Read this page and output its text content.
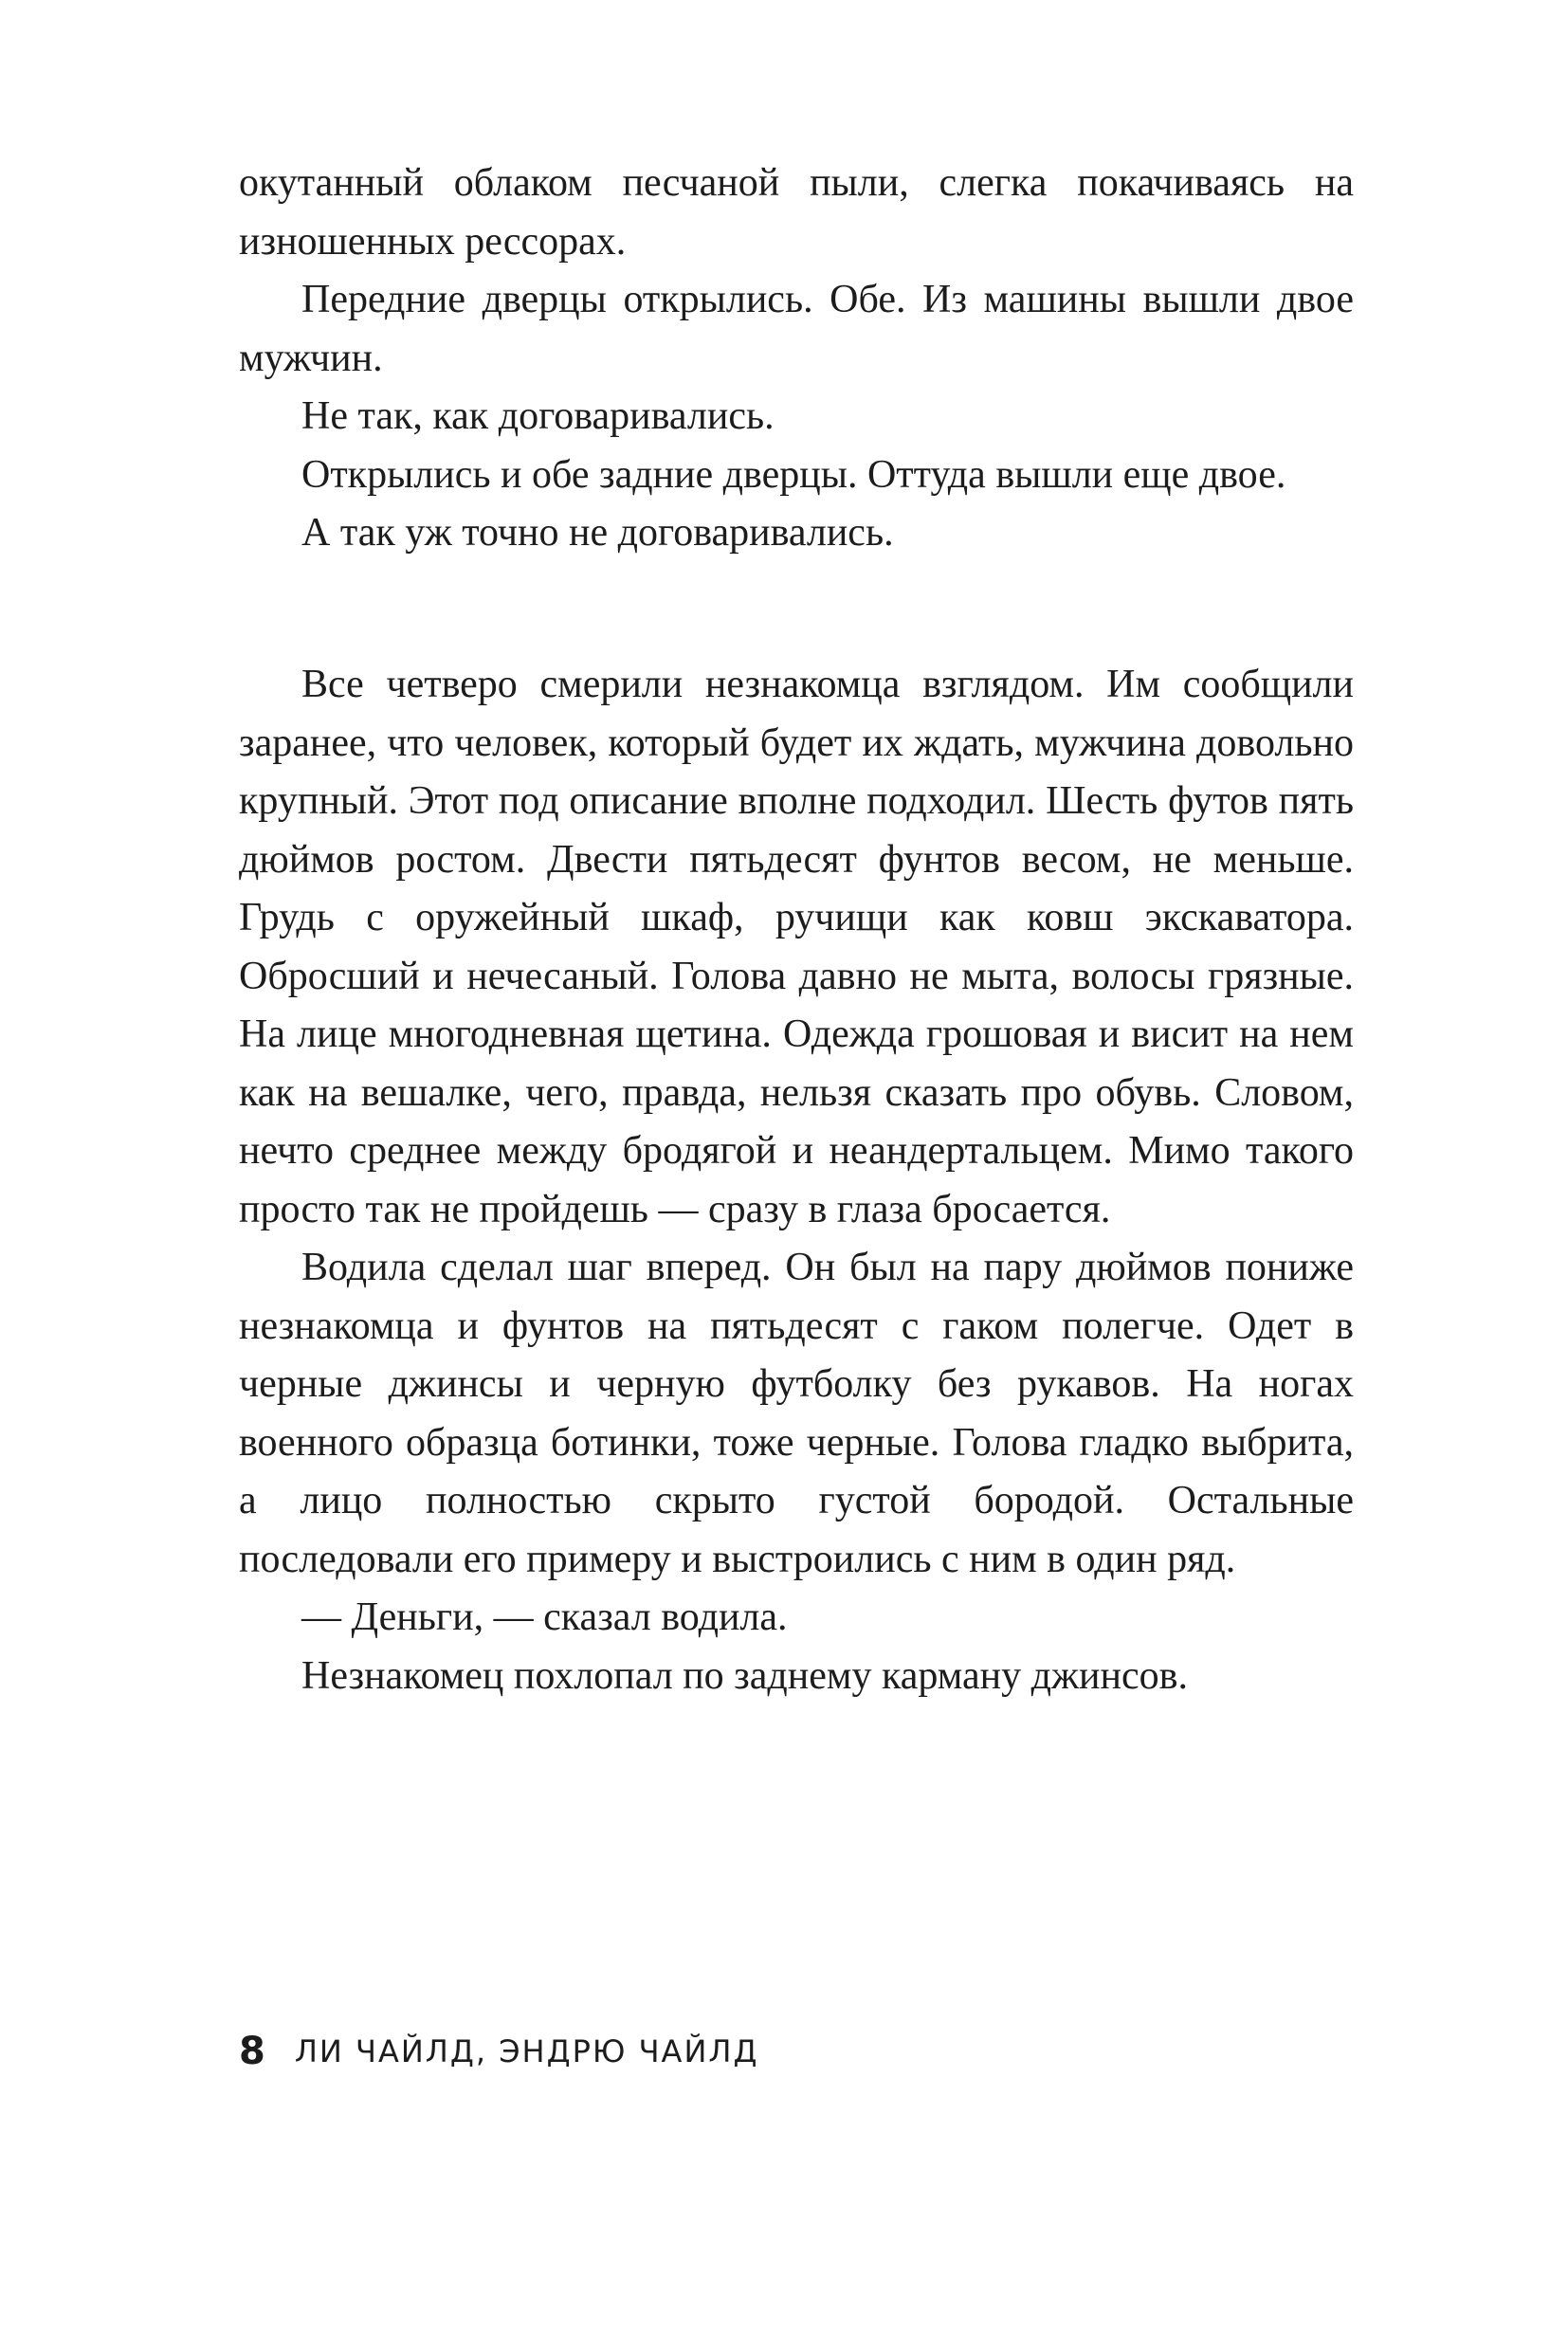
окутанный облаком песчаной пыли, слегка покачиваясь на изношенных рессорах.

Передние дверцы открылись. Обе. Из машины вышли двое мужчин.

Не так, как договаривались.

Открылись и обе задние дверцы. Оттуда вышли еще двое.

А так уж точно не договаривались.

Все четверо смерили незнакомца взглядом. Им сообщили заранее, что человек, который будет их ждать, мужчина довольно крупный. Этот под описание вполне подходил. Шесть футов пять дюймов ростом. Двести пятьдесят фунтов весом, не меньше. Грудь с оружейный шкаф, ручищи как ковш экскаватора. Обросший и нечесаный. Голова давно не мыта, волосы грязные. На лице многодневная щетина. Одежда грошовая и висит на нем как на вешалке, чего, правда, нельзя сказать про обувь. Словом, нечто среднее между бродягой и неандертальцем. Мимо такого просто так не пройдешь — сразу в глаза бросается.

Водила сделал шаг вперед. Он был на пару дюймов пониже незнакомца и фунтов на пятьдесят с гаком полегче. Одет в черные джинсы и черную футболку без рукавов. На ногах военного образца ботинки, тоже черные. Голова гладко выбрита, а лицо полностью скрыто густой бородой. Остальные последовали его примеру и выстроились с ним в один ряд.

— Деньги, — сказал водила.

Незнакомец похлопал по заднему карману джинсов.

8 ЛИ ЧАЙЛД, ЭНДРЮ ЧАЙЛД
